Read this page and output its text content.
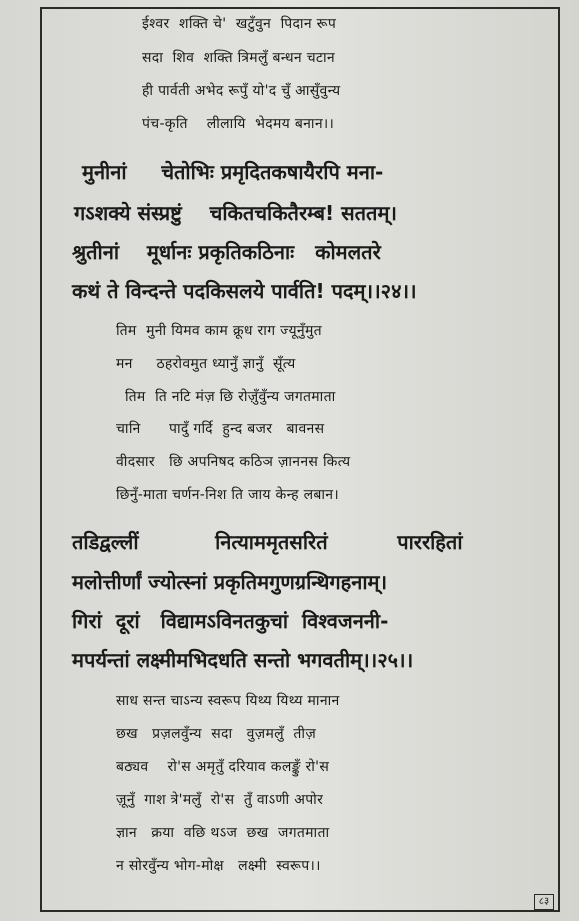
ईश्वर  शक्ति चे'  खटुँवुन  पिदान रूप
सदा  शिव  शक्ति त्रिमलुँ बन्धन चटान
ही पार्वती अभेद रूपुँ यो'द चुँ आसुँवुन्य
पंच-कृति    लीलायि  भेदमय बनान।।
मुनीनां     चेतोभिः प्रमृदितकषायैरपि मना-
गऽशक्ये संस्प्रष्टुं    चकितचकितैरम्ब! सततम्।
श्रुतीनां    मूर्धानः प्रकृतिकठिनाः   कोमलतरे
कथं ते विन्दन्ते पदकिसलये पार्वति! पदम्।।२४।।
तिम  मुनी यिमव काम क्रूध राग ज्यूनुँमुत
मन     ठहरोवमुत ध्यानुँ ज्ञानुँ  सूँत्य
तिम  ति नटि मंज़ छि रोज़ुँवुँन्य जगतमाता
चानि      पादुँ गर्दि  हुन्द बजर   बावनस
वीदसार   छि अपनिषद कठिञ ज़ाननस कित्य
छिनुँ-माता चर्णन-निश ति जाय केन्ह लबान।
तडिद्वल्लीं           नित्याममृतसरितं          पाररहितां
मलोत्तीर्णां ज्योत्स्नां प्रकृतिमगुणग्रन्थिगहनाम्।
गिरां  दूरां   विद्यामऽविनतकुचां  विश्वजननी-
मपर्यन्तां लक्ष्मीमभिदधति सन्तो भगवतीम्।।२५।।
साध सन्त चाऽन्य स्वरूप यिथ्य यिथ्य मानान
छख   प्रज़लवुँन्य  सदा   वुज़मलुँ  तीज़
बठ्यव    रो'स अमृतुँ दरियाव कलङ्कुँ रो'स
ज़ूनुँ  गाश त्रे'मलुँ  रो'स  तुँ वाऽणी अपोर
ज्ञान   क्रया  वछि थऽज  छख  जगतमाता
न सोरवुँन्य भोग-मोक्ष   लक्ष्मी  स्वरूप।।
८३
